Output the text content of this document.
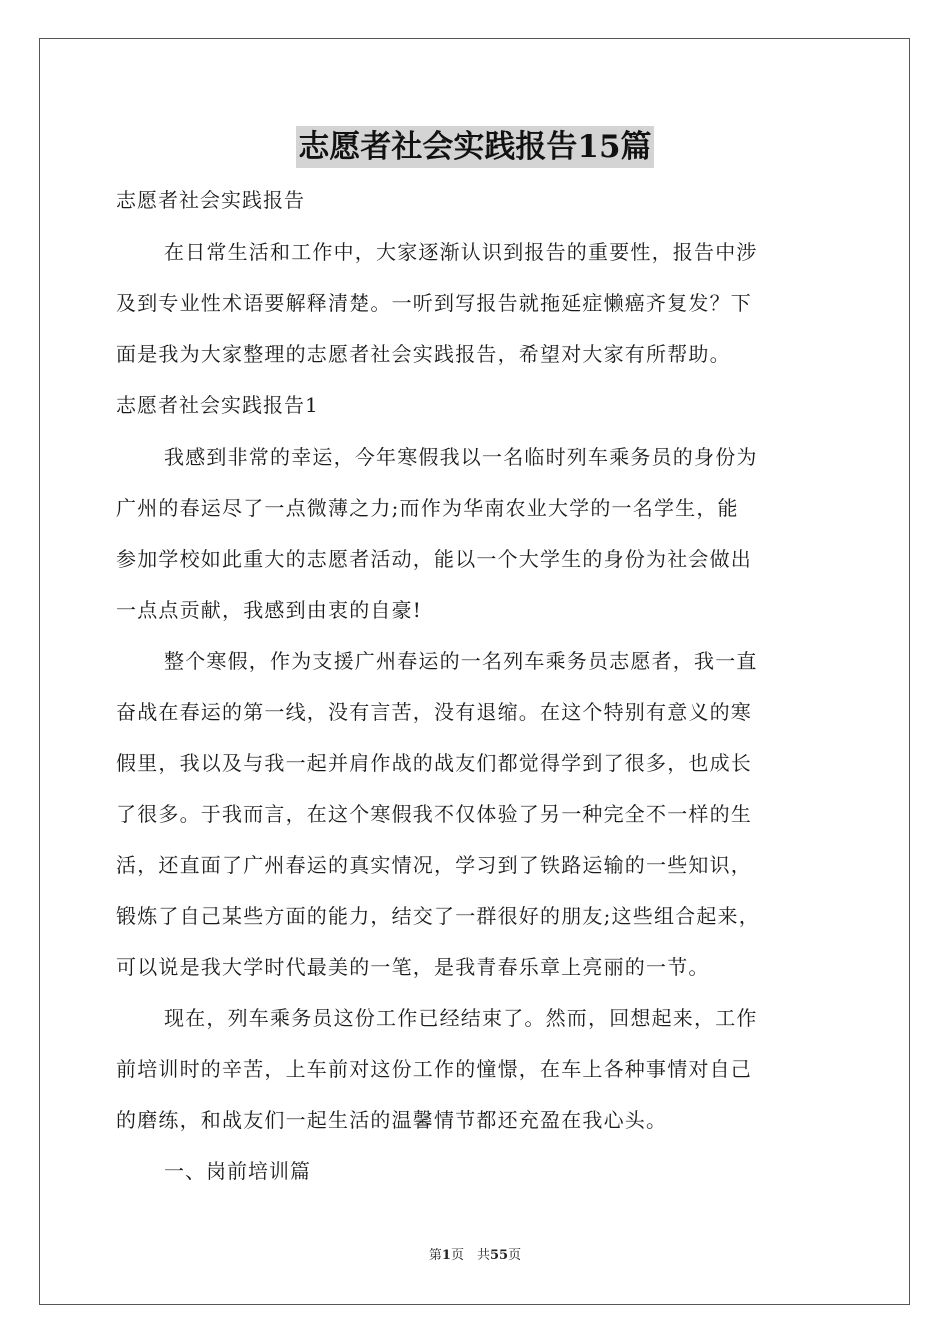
志愿者社会实践报告15篇
志愿者社会实践报告
在日常生活和工作中，大家逐渐认识到报告的重要性，报告中涉
及到专业性术语要解释清楚。一听到写报告就拖延症懒癌齐复发？下
面是我为大家整理的志愿者社会实践报告，希望对大家有所帮助。
志愿者社会实践报告1
我感到非常的幸运，今年寒假我以一名临时列车乘务员的身份为
广州的春运尽了一点微薄之力;而作为华南农业大学的一名学生，能
参加学校如此重大的志愿者活动，能以一个大学生的身份为社会做出
一点点贡献，我感到由衷的自豪!
整个寒假，作为支援广州春运的一名列车乘务员志愿者，我一直
奋战在春运的第一线，没有言苦，没有退缩。在这个特别有意义的寒
假里，我以及与我一起并肩作战的战友们都觉得学到了很多，也成长
了很多。于我而言，在这个寒假我不仅体验了另一种完全不一样的生
活，还直面了广州春运的真实情况，学习到了铁路运输的一些知识，
锻炼了自己某些方面的能力，结交了一群很好的朋友;这些组合起来，
可以说是我大学时代最美的一笔，是我青春乐章上亮丽的一节。
现在，列车乘务员这份工作已经结束了。然而，回想起来，工作
前培训时的辛苦，上车前对这份工作的憧憬，在车上各种事情对自己
的磨练，和战友们一起生活的温馨情节都还充盈在我心头。
一、岗前培训篇
第1页　共55页
